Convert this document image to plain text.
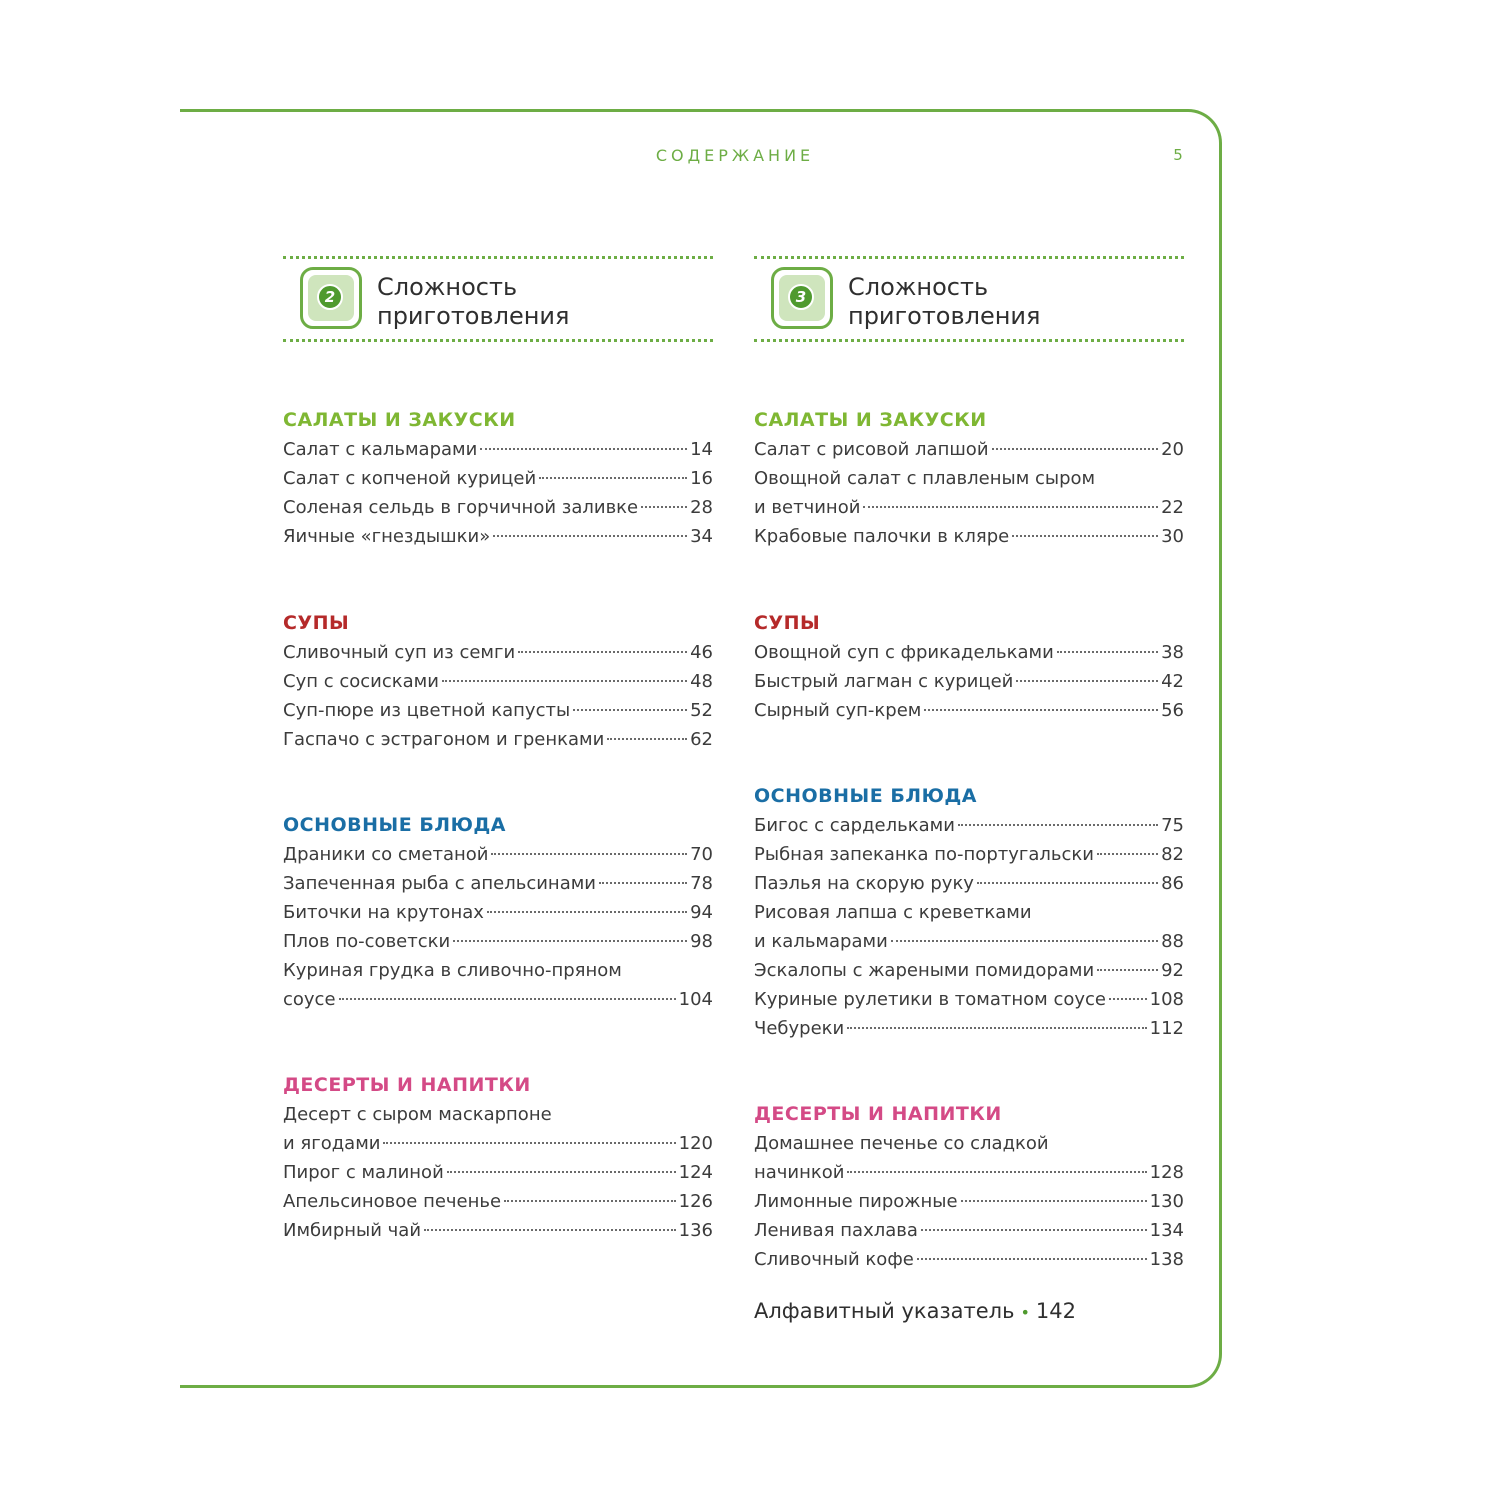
СОДЕРЖАНИЕ	5
2	Сложность
приготовления
САЛАТЫ И ЗАКУСКИ
Салат с кальмарами	14
Салат с копченой курицей	16
Соленая сельдь в горчичной заливке	28
Яичные «гнездышки»	34
СУПЫ
Сливочный суп из семги	46
Суп с сосисками	48
Суп-пюре из цветной капусты	52
Гаспачо с эстрагоном и гренками	62
ОСНОВНЫЕ БЛЮДА
Драники со сметаной	70
Запеченная рыба с апельсинами	78
Биточки на крутонах	94
Плов по-советски	98
Куриная грудка в сливочно-пряном
соусе	104
ДЕСЕРТЫ И НАПИТКИ
Десерт с сыром маскарпоне
и ягодами	120
Пирог с малиной	124
Апельсиновое печенье	126
Имбирный чай	136
3	Сложность
приготовления
САЛАТЫ И ЗАКУСКИ
Салат с рисовой лапшой	20
Овощной салат с плавленым сыром
и ветчиной	22
Крабовые палочки в кляре	30
СУПЫ
Овощной суп с фрикадельками	38
Быстрый лагман с курицей	42
Сырный суп-крем	56
ОСНОВНЫЕ БЛЮДА
Бигос с сардельками	75
Рыбная запеканка по-португальски	82
Паэлья на скорую руку	86
Рисовая лапша с креветками
и кальмарами	88
Эскалопы с жареными помидорами	92
Куриные рулетики в томатном соусе 108
Чебуреки	112
ДЕСЕРТЫ И НАПИТКИ
Домашнее печенье со сладкой
начинкой	128
Лимонные пирожные	130
Ленивая пахлава	134
Сливочный кофе	138
Алфавитный указатель • 142
